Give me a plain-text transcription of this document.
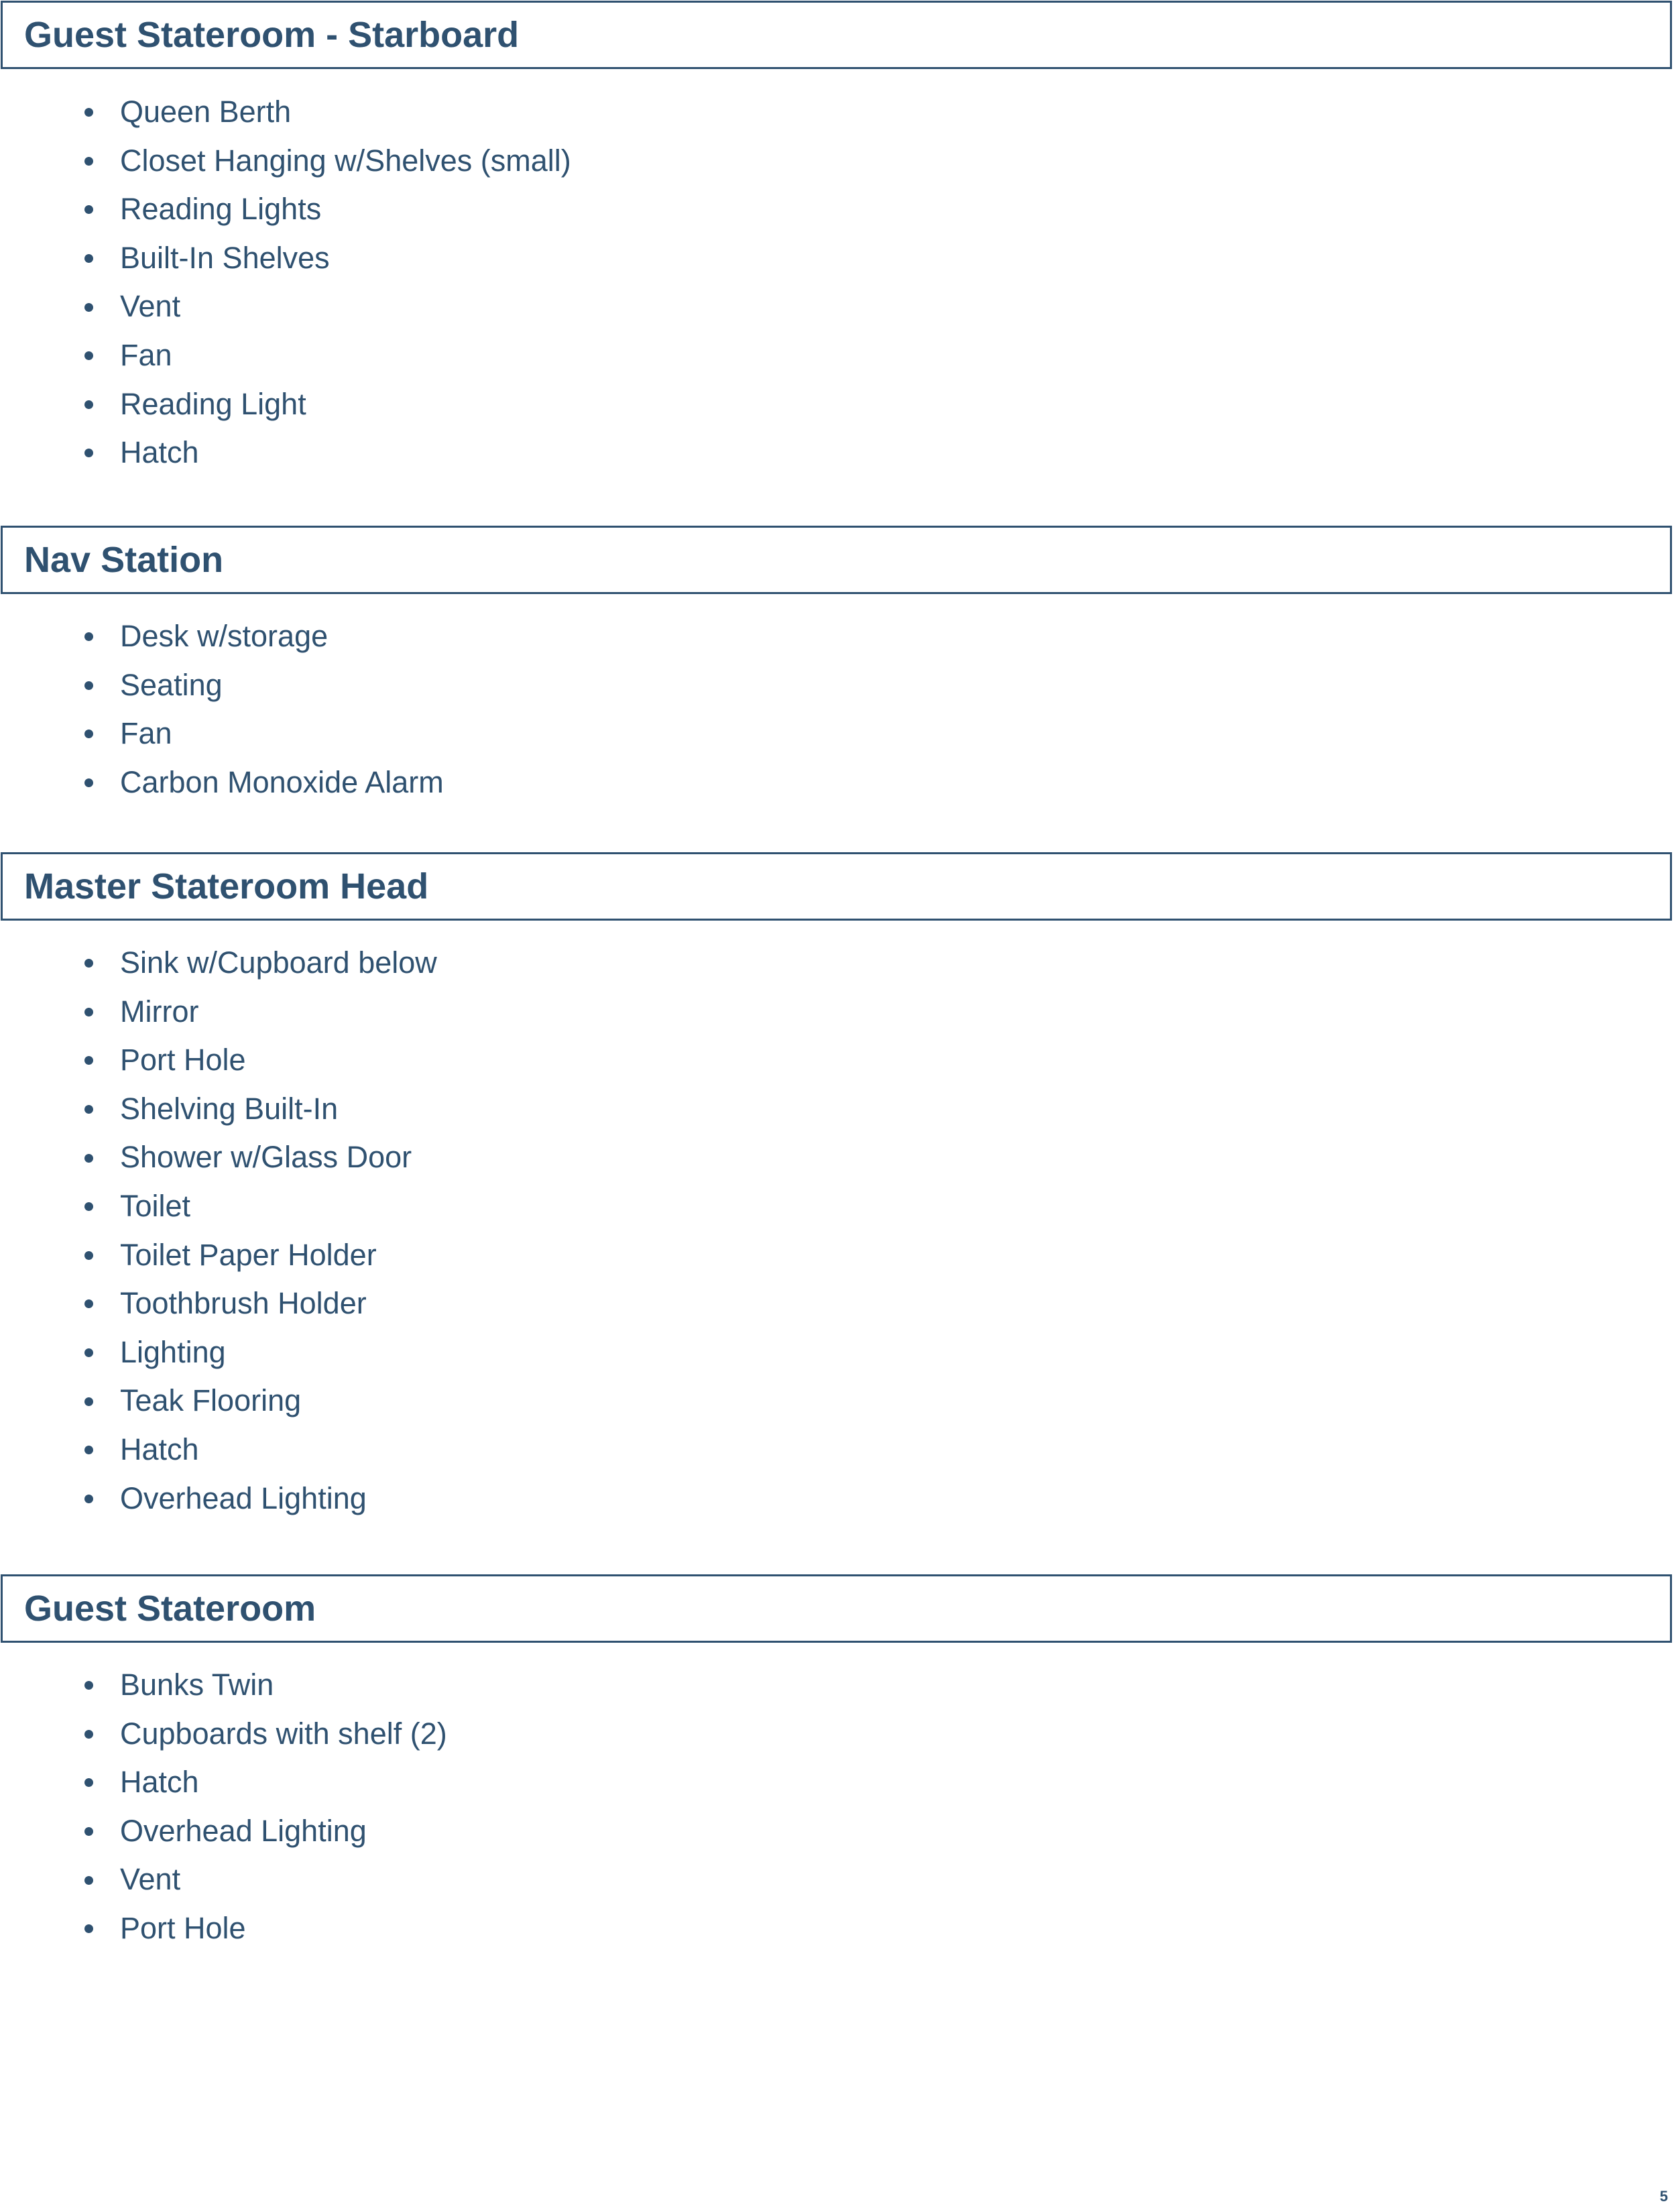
Guest Stateroom - Starboard
Queen Berth
Closet Hanging w/Shelves (small)
Reading Lights
Built-In Shelves
Vent
Fan
Reading Light
Hatch
Nav Station
Desk w/storage
Seating
Fan
Carbon Monoxide Alarm
Master Stateroom Head
Sink w/Cupboard below
Mirror
Port Hole
Shelving Built-In
Shower w/Glass Door
Toilet
Toilet Paper Holder
Toothbrush Holder
Lighting
Teak Flooring
Hatch
Overhead Lighting
Guest Stateroom
Bunks Twin
Cupboards with shelf (2)
Hatch
Overhead Lighting
Vent
Port Hole
5
